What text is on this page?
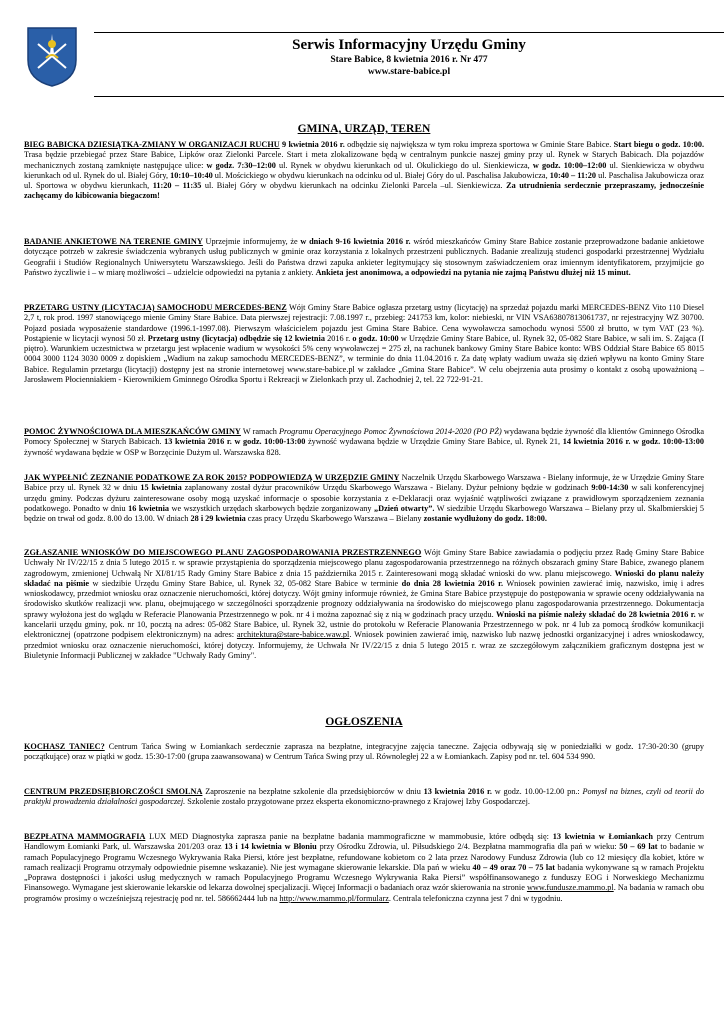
Serwis Informacyjny Urzędu Gminy
Stare Babice, 8 kwietnia 2016 r. Nr 477
www.stare-babice.pl
GMINA, URZĄD, TEREN
BIEG BABICKA DZIESIĄTKA-ZMIANY W ORGANIZACJI RUCHU 9 kwietnia 2016 r. odbędzie się największa w tym roku impreza sportowa w Gminie Stare Babice. Start biegu o godz. 10:00. Trasa będzie przebiegać przez Stare Babice, Lipków oraz Zielonki Parcele. Start i meta zlokalizowane będą w centralnym punkcie naszej gminy przy ul. Rynek w Starych Babicach. Dla pojazdów mechanicznych zostaną zamknięte następujące ulice: w godz. 7:30–12:00 ul. Rynek w obydwu kierunkach od ul. Okulickiego do ul. Sienkiewicza, w godz. 10:00–12:00 ul. Sienkiewicza w obydwu kierunkach od ul. Rynek do ul. Białej Góry, 10:10–10:40 ul. Mościckiego w obydwu kierunkach na odcinku od ul. Białej Góry do ul. Paschalisa Jakubowicza, 10:40 – 11:20 ul. Paschalisa Jakubowicza oraz ul. Sportowa w obydwu kierunkach, 11:20 – 11:35 ul. Białej Góry w obydwu kierunkach na odcinku Zielonki Parcela –ul. Sienkiewicza. Za utrudnienia serdecznie przepraszamy, jednocześnie zachęcamy do kibicowania biegaczom!
BADANIE ANKIETOWE NA TERENIE GMINY Uprzejmie informujemy, że w dniach 9-16 kwietnia 2016 r. wśród mieszkańców Gminy Stare Babice zostanie przeprowadzone badanie ankietowe dotyczące potrzeb w zakresie świadczenia wybranych usług publicznych w gminie oraz korzystania z lokalnych przestrzeni publicznych. Badanie zrealizują studenci gospodarki przestrzennej Wydziału Geografii i Studiów Regionalnych Uniwersytetu Warszawskiego. Jeśli do Państwa drzwi zapuka ankieter legitymujący się stosownym zaświadczeniem oraz imiennym identyfikatorem, przyjmijcie go Państwo życzliwie i – w miarę możliwości – udzielcie odpowiedzi na pytania z ankiety. Ankieta jest anonimowa, a odpowiedzi na pytania nie zajmą Państwu dłużej niż 15 minut.
PRZETARG USTNY (LICYTACJA) SAMOCHODU MERCEDES-BENZ Wójt Gminy Stare Babice ogłasza przetarg ustny (licytację) na sprzedaż pojazdu marki MERCEDES-BENZ Vito 110 Diesel 2,7 t, rok prod. 1997 stanowiącego mienie Gminy Stare Babice. Data pierwszej rejestracji: 7.08.1997 r., przebieg: 241753 km, kolor: niebieski, nr VIN VSA63807813061737, nr rejestracyjny WZ 30700. Pojazd posiada wyposażenie standardowe (1996.1-1997.08). Pierwszym właścicielem pojazdu jest Gmina Stare Babice. Cena wywoławcza samochodu wynosi 5500 zł brutto, w tym VAT (23 %). Postąpienie w licytacji wynosi 50 zł. Przetarg ustny (licytacja) odbędzie się 12 kwietnia 2016 r. o godz. 10:00 w Urzędzie Gminy Stare Babice, ul. Rynek 32, 05-082 Stare Babice, w sali im. S. Zająca (I piętro). Warunkiem uczestnictwa w przetargu jest wpłacenie wadium w wysokości 5% ceny wywoławczej = 275 zł, na rachunek bankowy Gminy Stare Babice konto: WBS Oddział Stare Babice 65 8015 0004 3000 1124 3030 0009 z dopiskiem „Wadium na zakup samochodu MERCEDES-BENZ”, w terminie do dnia 11.04.2016 r. Za datę wpłaty wadium uważa się dzień wpływu na konto Gminy Stare Babice. Regulamin przetargu (licytacji) dostępny jest na stronie internetowej www.stare-babice.pl w zakładce „Gmina Stare Babice”. W celu obejrzenia auta prosimy o kontakt z osobą upoważnioną – Jarosławem Płocienniakiem - Kierownikiem Gminnego Ośrodka Sportu i Rekreacji w Zielonkach przy ul. Zachodniej 2, tel. 22 722-91-21.
POMOC ŻYWNOŚCIOWA DLA MIESZKAŃCÓW GMINY W ramach Programu Operacyjnego Pomoc Żywnościowa 2014-2020 (PO PŻ) wydawana będzie żywność dla klientów Gminnego Ośrodka Pomocy Społecznej w Starych Babicach. 13 kwietnia 2016 r. w godz. 10:00-13:00 żywność wydawana będzie w Urzędzie Gminy Stare Babice, ul. Rynek 21, 14 kwietnia 2016 r. w godz. 10:00-13:00 żywność wydawana będzie w OSP w Borzęcinie Dużym ul. Warszawska 828.
JAK WYPEŁNIĆ ZEZNANIE PODATKOWE ZA ROK 2015? PODPOWIEDZĄ W URZĘDZIE GMINY Naczelnik Urzędu Skarbowego Warszawa - Bielany informuje, że w Urzędzie Gminy Stare Babice przy ul. Rynek 32 w dniu 15 kwietnia zaplanowany został dyżur pracowników Urzędu Skarbowego Warszawa - Bielany. Dyżur pełniony będzie w godzinach 9:00-14:30 w sali konferencyjnej urzędu gminy. Podczas dyżuru zainteresowane osoby mogą uzyskać informacje o sposobie korzystania z e-Deklaracji oraz wyjaśnić wątpliwości związane z prawidłowym sporządzeniem zeznania podatkowego. Ponadto w dniu 16 kwietnia we wszystkich urzędach skarbowych będzie zorganizowany „Dzień otwarty”. W siedzibie Urzędu Skarbowego Warszawa – Bielany przy ul. Skalbmierskiej 5 będzie on trwał od godz. 8.00 do 13.00. W dniach 28 i 29 kwietnia czas pracy Urzędu Skarbowego Warszawa – Bielany zostanie wydłużony do godz. 18:00.
ZGŁASZANIE WNIOSKÓW DO MIEJSCOWEGO PLANU ZAGOSPODAROWANIA PRZESTRZENNEGO Wójt Gminy Stare Babice zawiadamia o podjęciu przez Radę Gminy Stare Babice Uchwały Nr IV/22/15 z dnia 5 lutego 2015 r. w sprawie przystąpienia do sporządzenia miejscowego planu zagospodarowania przestrzennego na różnych obszarach gminy Stare Babice, zwanego planem zagrodowym, zmienionej Uchwałą Nr XI/81/15 Rady Gminy Stare Babice z dnia 15 października 2015 r. Zainteresowani mogą składać wnioski do ww. planu miejscowego. Wnioski do planu należy składać na piśmie w siedzibie Urzędu Gminy Stare Babice, ul. Rynek 32, 05-082 Stare Babice w terminie do dnia 28 kwietnia 2016 r. Wniosek powinien zawierać imię, nazwisko, imię i adres wnioskodawcy, przedmiot wniosku oraz oznaczenie nieruchomości, której dotyczy. Wójt gminy informuje również, że Gmina Stare Babice przystępuje do postępowania w sprawie oceny oddziaływania na środowisko skutków realizacji ww. planu, obejmującego w szczególności sporządzenie prognozy oddziaływania na środowisko do miejscowego planu zagospodarowania przestrzennego. Dokumentacja sprawy wyłożona jest do wglądu w Referacie Planowania Przestrzennego w pok. nr 4 i można zapoznać się z nią w godzinach pracy urzędu. Wnioski na piśmie należy składać do 28 kwietnia 2016 r. w kancelarii urzędu gminy, pok. nr 10, pocztą na adres: 05-082 Stare Babice, ul. Rynek 32, ustnie do protokołu w Referacie Planowania Przestrzennego w pok. nr 4 lub za pomocą środków komunikacji elektronicznej (opatrzone podpisem elektronicznym) na adres: architektura@stare-babice.waw.pl. Wniosek powinien zawierać imię, nazwisko lub nazwę jednostki organizacyjnej i adres wnioskodawcy, przedmiot wniosku oraz oznaczenie nieruchomości, której dotyczy. Informujemy, że Uchwała Nr IV/22/15 z dnia 5 lutego 2015 r. wraz ze szczegółowym załącznikiem graficznym dostępna jest w Biuletynie Informacji Publicznej w zakładce "Uchwały Rady Gminy".
OGŁOSZENIA
KOCHASZ TANIEC? Centrum Tańca Swing w Łomiankach serdecznie zaprasza na bezpłatne, integracyjne zajęcia taneczne. Zajęcia odbywają się w poniedziałki w godz. 17:30-20:30 (grupy początkujące) oraz w piątki w godz. 15:30-17:00 (grupa zaawansowana) w Centrum Tańca Swing przy ul. Równoległej 22 a w Łomiankach. Zapisy pod nr. tel. 604 534 990.
CENTRUM PRZEDSIĘBIORCZOŚCI SMOLNA Zaproszenie na bezpłatne szkolenie dla przedsiębiorców w dniu 13 kwietnia 2016 r. w godz. 10.00-12.00 pn.: Pomysł na biznes, czyli od teorii do praktyki prowadzenia działalności gospodarczej. Szkolenie zostało przygotowane przez eksperta ekonomiczno-prawnego z Krajowej Izby Gospodarczej.
BEZPŁATNA MAMMOGRAFIA LUX MED Diagnostyka zaprasza panie na bezpłatne badania mammograficzne w mammobusie, które odbędą się: 13 kwietnia w Łomiankach przy Centrum Handlowym Łomianki Park, ul. Warszawska 201/203 oraz 13 i 14 kwietnia w Błoniu przy Ośrodku Zdrowia, ul. Piłsudskiego 2/4. Bezpłatna mammografia dla pań w wieku: 50 – 69 lat to badanie w ramach Populacyjnego Programu Wczesnego Wykrywania Raka Piersi, które jest bezpłatne, refundowane kobietom co 2 lata przez Narodowy Fundusz Zdrowia (lub co 12 miesięcy dla kobiet, które w ramach realizacji Programu otrzymały odpowiednie pisemne wskazanie). Nie jest wymagane skierowanie lekarskie. Dla pań w wieku 40 – 49 oraz 70 – 75 lat badania wykonywane są w ramach Projektu „Poprawa dostępności i jakości usług medycznych w ramach Populacyjnego Programu Wczesnego Wykrywania Raka Piersi” współfinansowanego z funduszy EOG i Norweskiego Mechanizmu Finansowego. Wymagane jest skierowanie lekarskie od lekarza dowolnej specjalizacji. Więcej Informacji o badaniach oraz wzór skierowania na stronie www.fundusze.mammo.pl. Na badania w ramach obu programów prosimy o wcześniejszą rejestrację pod nr. tel. 586662444 lub na http://www.mammo.pl/formularz. Centrala telefoniczna czynna jest 7 dni w tygodniu.
